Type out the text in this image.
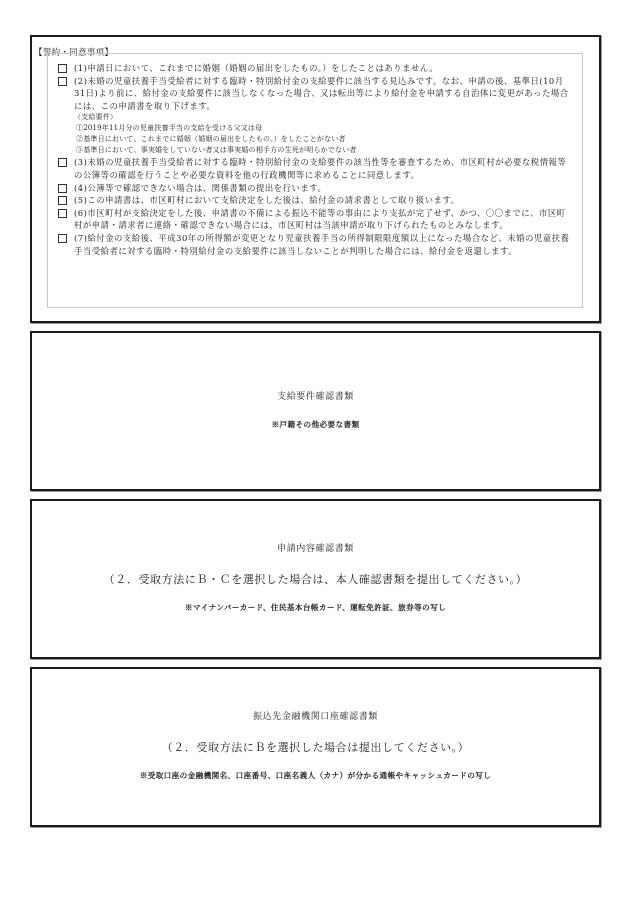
【誓約・同意事項】
(1)申請日において、これまでに婚姻（婚姻の届出をしたもの。）をしたことはありません。
(2)未婚の児童扶養手当受給者に対する臨時・特別給付金の支給要件に該当する見込みです。なお、申請の後、基準日(10月31日)より前に、給付金の支給要件に該当しなくなった場合、又は転出等により給付金を申請する自治体に変更があった場合には、この申請書を取り下げます。
（支給要件）
①2019年11月分の児童扶養手当の支給を受ける父又は母
②基準日において、これまでに婚姻（婚姻の届出をしたもの。）をしたことがない者
③基準日において、事実婚をしていない者又は事実婚の相手方の生死が明らかでない者
(3)未婚の児童扶養手当受給者に対する臨時・特別給付金の支給要件の該当性等を審査するため、市区町村が必要な税情報等の公簿等の確認を行うことや必要な資料を他の行政機関等に求めることに同意します。
(4)公簿等で確認できない場合は、関係書類の提出を行います。
(5)この申請書は、市区町村において支給決定をした後は、給付金の請求書として取り扱います。
(6)市区町村が支給決定をした後、申請書の不備による振込不能等の事由により支払が完了せず、かつ、〇〇までに、市区町村が申請・請求者に連絡・確認できない場合には、市区町村は当該申請が取り下げられたものとみなします。
(7)給付金の支給後、平成30年の所得額が変更となり児童扶養手当の所得制限限度額以上になった場合など、未婚の児童扶養手当受給者に対する臨時・特別給付金の支給要件に該当しないことが判明した場合には、給付金を返還します。
支給要件確認書類
※戸籍その他必要な書類
申請内容確認書類
（２．受取方法にＢ・Ｃを選択した場合は、本人確認書類を提出してください。）
※マイナンバーカード、住民基本台帳カード、運転免許証、旅券等の写し
振込先金融機関口座確認書類
（２．受取方法にＢを選択した場合は提出してください。）
※受取口座の金融機関名、口座番号、口座名義人（カナ）が分かる通帳やキャッシュカードの写し
